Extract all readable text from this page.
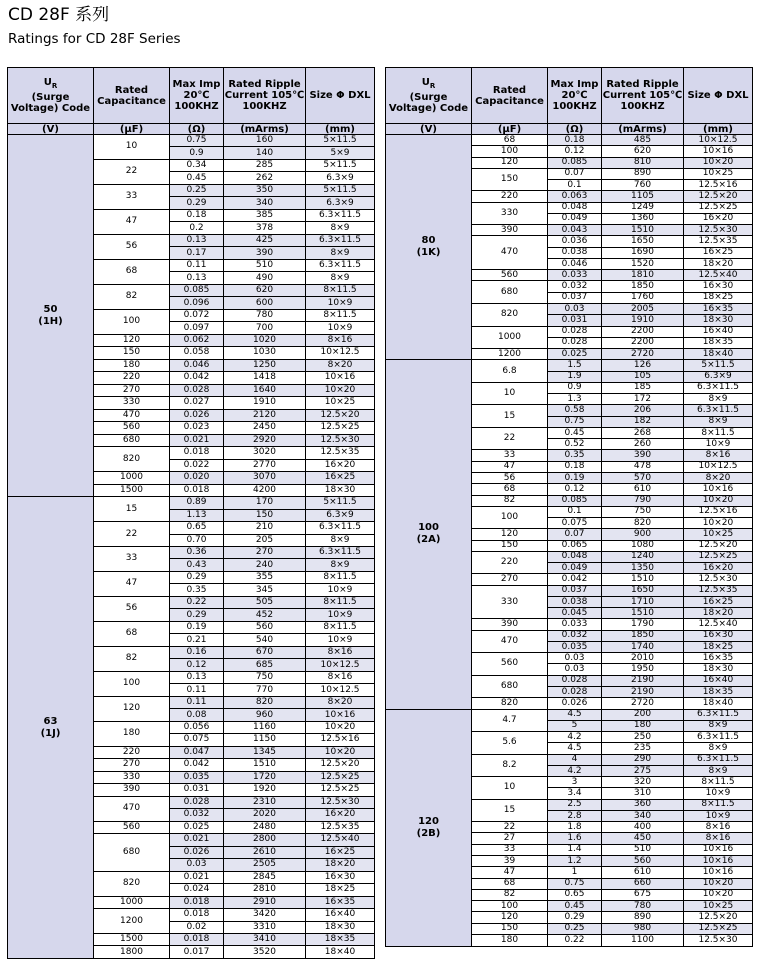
CD 28F 系列
Ratings for CD 28F Series
$U_R$
(Surge Voltage) Code	Rated Capacitance	Max Imp 20℃ 100KHZ	Rated Ripple Current 105℃ 100KHZ	Size Φ DXL
(V)	(μF)	(Ω)	(mArms)	(mm)

50
(1H)	10	0.75	160	5×11.5
		0.9	140	5×9
	22	0.34	285	5×11.5
		0.45	262	6.3×9
	33	0.25	350	5×11.5
		0.29	340	6.3×9
	47	0.18	385	6.3×11.5
		0.2	378	8×9
	56	0.13	425	6.3×11.5
		0.17	390	8×9
	68	0.11	510	6.3×11.5
		0.13	490	8×9
	82	0.085	620	8×11.5
		0.096	600	10×9
	100	0.072	780	8×11.5
		0.097	700	10×9
	120	0.062	1020	8×16
	150	0.058	1030	10×12.5
	180	0.046	1250	8×20
	220	0.042	1418	10×16
	270	0.028	1640	10×20
	330	0.027	1910	10×25
	470	0.026	2120	12.5×20
	560	0.023	2450	12.5×25
	680	0.021	2920	12.5×30
	820	0.018	3020	12.5×35
		0.022	2770	16×20
	1000	0.020	3070	16×25
	1500	0.018	4200	18×30

63
(1J)	15	0.89	170	5×11.5
		1.13	150	6.3×9
	22	0.65	210	6.3×11.5
		0.70	205	8×9
	33	0.36	270	6.3×11.5
		0.43	240	8×9
	47	0.29	355	8×11.5
		0.35	345	10×9
	56	0.22	505	8×11.5
		0.29	452	10×9
	68	0.19	560	8×11.5
		0.21	540	10×9
	82	0.16	670	8×16
		0.12	685	10×12.5
	100	0.13	750	8×16
		0.11	770	10×12.5
	120	0.11	820	8×20
		0.08	960	10×16
	180	0.056	1160	10×20
		0.075	1150	12.5×16
	220	0.047	1345	10×20
	270	0.042	1510	12.5×20
	330	0.035	1720	12.5×25
	390	0.031	1920	12.5×25
	470	0.028	2310	12.5×30
		0.032	2020	16×20
	560	0.025	2480	12.5×35
	680	0.021	2800	12.5×40
		0.026	2610	16×25
		0.03	2505	18×20
	820	0.021	2845	16×30
		0.024	2810	18×25
	1000	0.018	2910	16×35
	1200	0.018	3420	16×40
		0.02	3310	18×30
	1500	0.018	3410	18×35
	1800	0.017	3520	18×40
$U_R$
(Surge Voltage) Code	Rated Capacitance	Max Imp 20℃ 100KHZ	Rated Ripple Current 105℃ 100KHZ	Size Φ DXL
(V)	(μF)	(Ω)	(mArms)	(mm)

80
(1K)	68	0.18	485	10×12.5
	100	0.12	620	10×16
	120	0.085	810	10×20
	150	0.07	890	10×25
		0.1	760	12.5×16
	220	0.063	1105	12.5×20
	330	0.048	1249	12.5×25
		0.049	1360	16×20
	390	0.043	1510	12.5×30
	470	0.036	1650	12.5×35
		0.038	1690	16×25
		0.046	1520	18×20
	560	0.033	1810	12.5×40
	680	0.032	1850	16×30
		0.037	1760	18×25
	820	0.03	2005	16×35
		0.031	1910	18×30
	1000	0.028	2200	16×40
		0.028	2200	18×35
	1200	0.025	2720	18×40

100
(2A)	6.8	1.5	126	5×11.5
		1.9	105	6.3×9
	10	0.9	185	6.3×11.5
		1.3	172	8×9
	15	0.58	206	6.3×11.5
		0.75	182	8×9
	22	0.45	268	8×11.5
		0.52	260	10×9
	33	0.35	390	8×16
	47	0.18	478	10×12.5
	56	0.19	570	8×20
	68	0.12	610	10×16
	82	0.085	790	10×20
	100	0.1	750	12.5×16
		0.075	820	10×20
	120	0.07	900	10×25
	150	0.065	1080	12.5×20
	220	0.048	1240	12.5×25
		0.049	1350	16×20
	270	0.042	1510	12.5×30
	330	0.037	1650	12.5×35
		0.038	1710	16×25
		0.045	1510	18×20
	390	0.033	1790	12.5×40
	470	0.032	1850	16×30
		0.035	1740	18×25
	560	0.03	2010	16×35
		0.03	1950	18×30
	680	0.028	2190	16×40
		0.028	2190	18×35
	820	0.026	2720	18×40

120
(2B)	4.7	4.5	200	6.3×11.5
		5	180	8×9
	5.6	4.2	250	6.3×11.5
		4.5	235	8×9
	8.2	4	290	6.3×11.5
		4.2	275	8×9
	10	3	320	8×11.5
		3.4	310	10×9
	15	2.5	360	8×11.5
		2.8	340	10×9
	22	1.8	400	8×16
	27	1.6	450	8×16
	33	1.4	510	10×16
	39	1.2	560	10×16
	47	1	610	10×16
	68	0.75	660	10×20
	82	0.65	675	10×20
	100	0.45	780	10×25
	120	0.29	890	12.5×20
	150	0.25	980	12.5×25
	180	0.22	1100	12.5×30
